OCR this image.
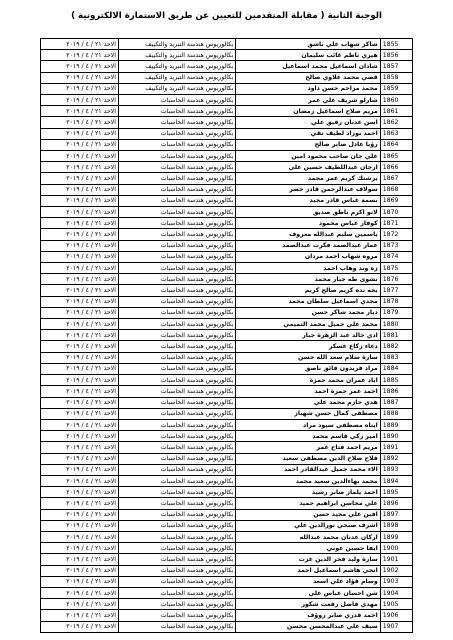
الوجبة الثانية ( مقابلة المتقدمين للتعيين عن طريق الاستمارة الالكترونية )
الاحد ٢١ / ٤ / ٢٠١٩	بكالوريوس هندسة التبريد والتكييف	شاكر شهاب علي ناشق	1855
الاحد ٢١ / ٤ / ٢٠١٩	بكالوريوس هندسة التبريد والتكييف	هيري ناظم غائب سليمان	1856
الاحد ٢١ / ٤ / ٢٠١٩	بكالوريوس هندسة التبريد والتكييف	شادان اسماعيل محمد اسماعيل	1857
الاحد ٢١ / ٤ / ٢٠١٩	بكالوريوس هندسة التبريد والتكييف	قصي محمد علاوي صالح	1858
الاحد ٢١ / ٤ / ٢٠١٩	بكالوريوس هندسة التبريد والتكييف	محمد مزاحم حسن داود	1859
الاحد ٢١ / ٤ / ٢٠١٩	بكالوريوس هندسة الحاسبات	شارلو شريف علي عمر	1860
الاحد ٢١ / ٤ / ٢٠١٩	بكالوريوس هندسة الحاسبات	مريم صلاح اسماعيل رمضان	1861
الاحد ٢١ / ٤ / ٢٠١٩	بكالوريوس هندسة الحاسبات	اسن عدنان رفيق علي	1862
الاحد ٢١ / ٤ / ٢٠١٩	بكالوريوس هندسة الحاسبات	احمد نوزاد لطيف تقي	1863
الاحد ٢١ / ٤ / ٢٠١٩	بكالوريوس هندسة الحاسبات	رؤيا عادل صابر صالح	1864
الاحد ٢١ / ٤ / ٢٠١٩	بكالوريوس هندسة الحاسبات	علي جان صاحب محمود امين	1865
الاحد ٢١ / ٤ / ٢٠١٩	بكالوريوس هندسة الحاسبات	ارجان عبداللطيف حسين علي	1866
الاحد ٢١ / ٤ / ٢٠١٩	بكالوريوس هندسة الحاسبات	يرشنك كريم عمر محمد	1867
الاحد ٢١ / ٤ / ٢٠١٩	بكالوريوس هندسة الحاسبات	سولاف عبدالرحمن قادر خضر	1868
الاحد ٢١ / ٤ / ٢٠١٩	بكالوريوس هندسة الحاسبات	بسمة عباس قادر مجيد	1869
الاحد ٢١ / ٤ / ٢٠١٩	بكالوريوس هندسة الحاسبات	لانو اكرم ناطق صديق	1870
الاحد ٢١ / ٤ / ٢٠١٩	بكالوريوس هندسة الحاسبات	كوفار عباس محمود	1871
الاحد ٢١ / ٤ / ٢٠١٩	بكالوريوس هندسة الحاسبات	ياسمين سليم عبدالله معروف	1872
الاحد ٢١ / ٤ / ٢٠١٩	بكالوريوس هندسة الحاسبات	عمار عبدالصمد فكرت عبدالصمد	1873
الاحد ٢١ / ٤ / ٢٠١٩	بكالوريوس هندسة الحاسبات	مروه شهاب احمد مردان	1874
الاحد ٢١ / ٤ / ٢٠١٩	بكالوريوس هندسة الحاسبات	زه وند وهاب احمد	1875
الاحد ٢١ / ٤ / ٢٠١٩	بكالوريوس هندسة الحاسبات	نشوى طه جبار محمد	1876
الاحد ٢١ / ٤ / ٢٠١٩	بكالوريوس هندسة الحاسبات	بخه نده كريم صالح كريم	1877
الاحد ٢١ / ٤ / ٢٠١٩	بكالوريوس هندسة الحاسبات	مجدي اسماعيل سلطان محمد	1878
الاحد ٢١ / ٤ / ٢٠١٩	بكالوريوس هندسة الحاسبات	ديار محمد شاكر حسن	1879
الاحد ٢١ / ٤ / ٢٠١٩	بكالوريوس هندسة الحاسبات	محمد علي جميل محمد التميمي	1880
الاحد ٢١ / ٤ / ٢٠١٩	بكالوريوس هندسة الحاسبات	ادي خالد عبد الزهرة جبار	1881
الاحد ٢١ / ٤ / ٢٠١٩	بكالوريوس هندسة الحاسبات	دعاء زكاع عسكر	1882
الاحد ٢١ / ٤ / ٢٠١٩	بكالوريوس هندسة الحاسبات	سارة سلام سعد الله حسن	1883
الاحد ٢١ / ٤ / ٢٠١٩	بكالوريوس هندسة الحاسبات	مراد فريدون فائق ناصق	1884
الاحد ٢١ / ٤ / ٢٠١٩	بكالوريوس هندسة الحاسبات	اياد عمران محمد حمزة	1885
الاحد ٢١ / ٤ / ٢٠١٩	بكالوريوس هندسة الحاسبات	احمد عمر حمزة احمد	1886
الاحد ٢١ / ٤ / ٢٠١٩	بكالوريوس هندسة الحاسبات	هدي حازم محمد علي	1887
الاحد ٢١ / ٤ / ٢٠١٩	بكالوريوس هندسة الحاسبات	مصطفى كمال حسن شهباز	1888
الاحد ٢١ / ٤ / ٢٠١٩	بكالوريوس هندسة الحاسبات	ايناه مصطفى سيود مراد	1889
الاحد ٢١ / ٤ / ٢٠١٩	بكالوريوس هندسة الحاسبات	امير زكي قاسم محمد	1890
الاحد ٢١ / ٤ / ٢٠١٩	بكالوريوس هندسة الحاسبات	مريم احمد فتاح عمر	1891
الاحد ٢١ / ٤ / ٢٠١٩	بكالوريوس هندسة الحاسبات	فلاح صلاح الدين مصطفى سعيد	1892
الاحد ٢١ / ٤ / ٢٠١٩	بكالوريوس هندسة الحاسبات	الاء محمد جميل عبدالقادر احمد	1893
الاحد ٢١ / ٤ / ٢٠١٩	بكالوريوس هندسة الحاسبات	محمد بهاءالدين سعيد محمد	1894
الاحد ٢١ / ٤ / ٢٠١٩	بكالوريوس هندسة الحاسبات	احمد يلماز صابر رشيد	1895
الاحد ٢١ / ٤ / ٢٠١٩	بكالوريوس هندسة الحاسبات	علي محاسن ابراهيم حميد	1896
الاحد ٢١ / ٤ / ٢٠١٩	بكالوريوس هندسة الحاسبات	افين علي مجيد حسن	1897
الاحد ٢١ / ٤ / ٢٠١٩	بكالوريوس هندسة الحاسبات	اشرف صبحي نورالدين علي	1898
الاحد ٢١ / ٤ / ٢٠١٩	بكالوريوس هندسة الحاسبات	اركان عدنان محمد عبدالله	1899
الاحد ٢١ / ٤ / ٢٠١٩	بكالوريوس هندسة الحاسبات	ايفا حسين عوني	1900
الاحد ٢١ / ٤ / ٢٠١٩	بكالوريوس هندسة الحاسبات	سارة وليد فخر الدين عزت	1901
الاحد ٢١ / ٤ / ٢٠١٩	بكالوريوس هندسة الحاسبات	انجي هاشم اسماعيل احمد	1902
الاحد ٢١ / ٤ / ٢٠١٩	بكالوريوس هندسة الحاسبات	وسام فؤاد علي اسعد	1903
الاحد ٢١ / ٤ / ٢٠١٩	بكالوريوس هندسة الحاسبات	شن احسان عباس علي	1904
الاحد ٢١ / ٤ / ٢٠١٩	بكالوريوس هندسة الحاسبات	مهدي فاضل رفعت شكور	1905
الاحد ٢١ / ٤ / ٢٠١٩	بكالوريوس هندسة الحاسبات	احمد قدري صابر روؤف	1906
الاحد ٢١ / ٤ / ٢٠١٩	بكالوريوس هندسة الحاسبات	سيف علي عبدالمحسن محسن	1907
